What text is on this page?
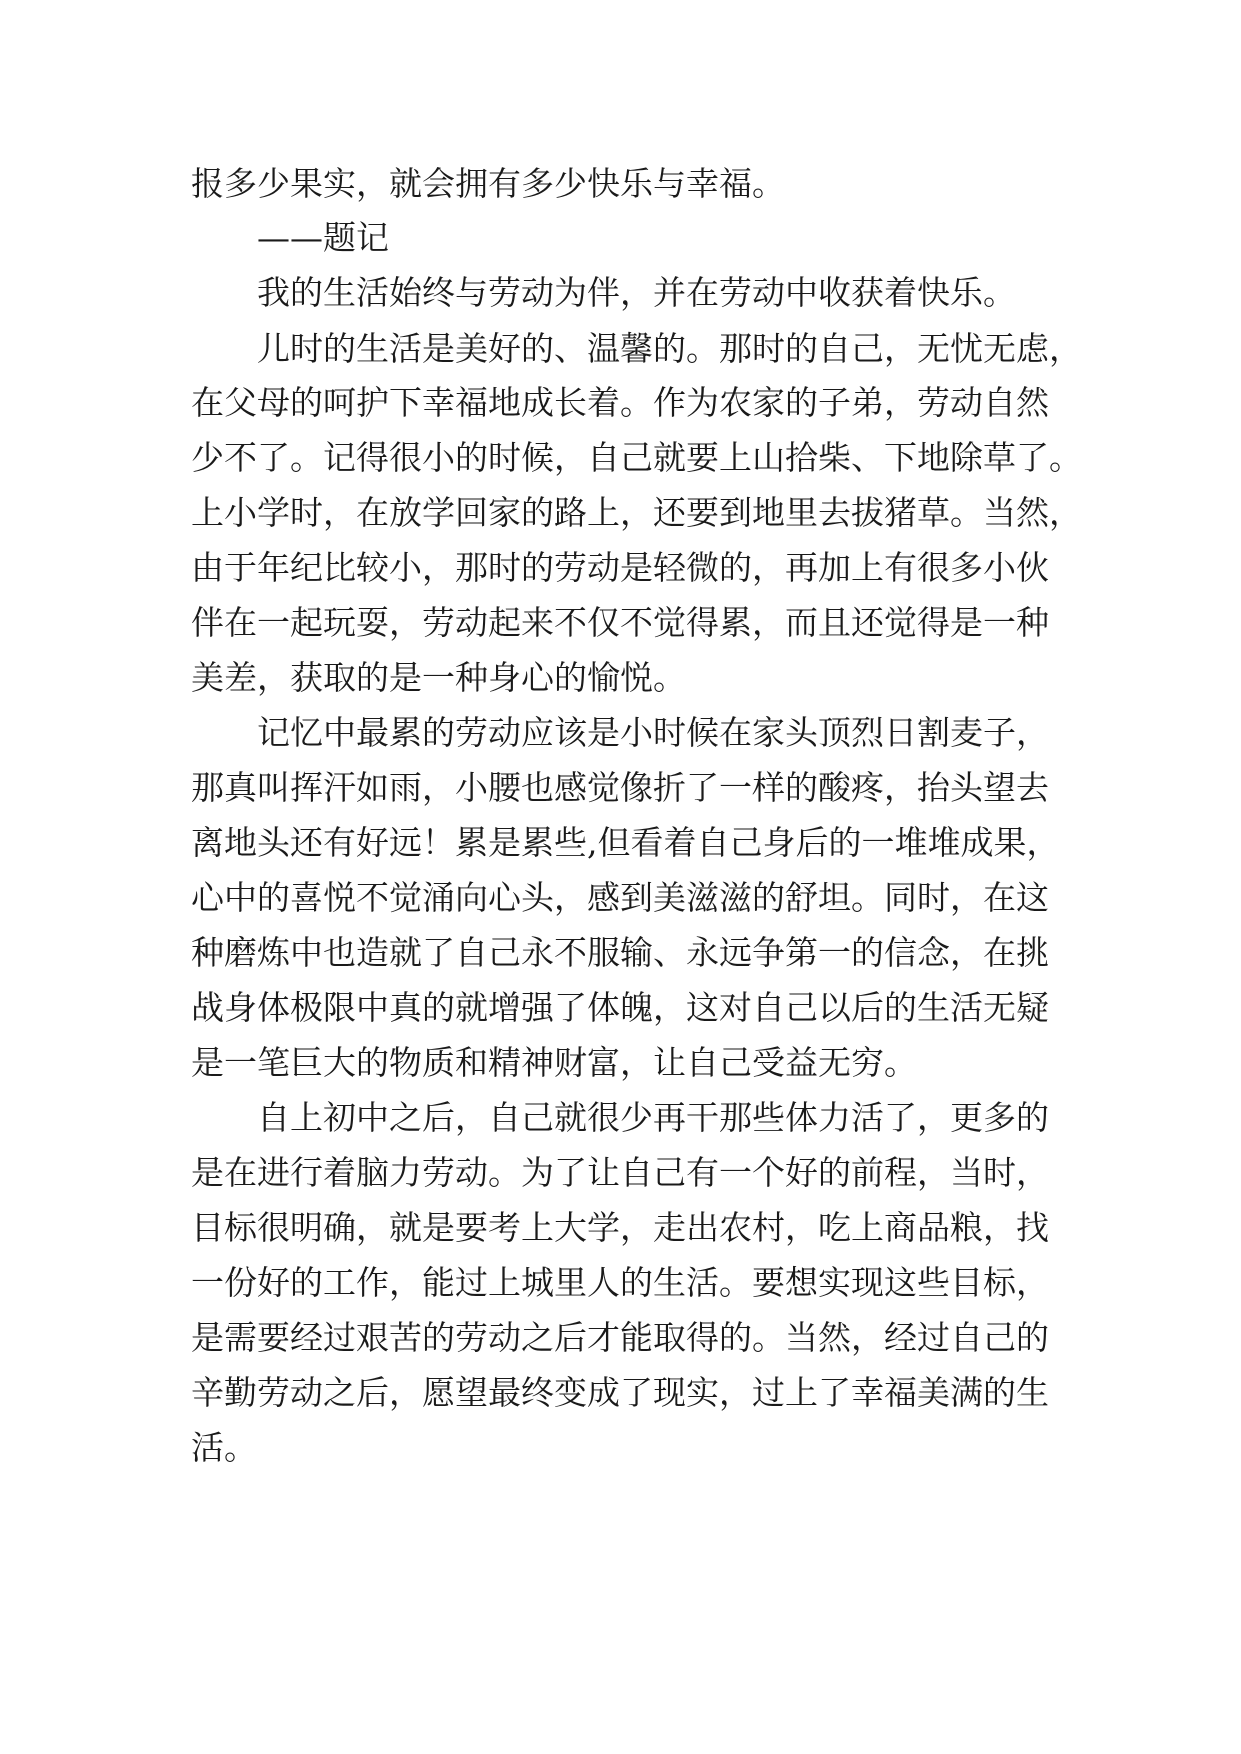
报多少果实，就会拥有多少快乐与幸福。
——题记
我的生活始终与劳动为伴，并在劳动中收获着快乐。
儿时的生活是美好的、温馨的。那时的自己，无忧无虑，
在父母的呵护下幸福地成长着。作为农家的子弟，劳动自然
少不了。记得很小的时候，自己就要上山拾柴、下地除草了。
上小学时，在放学回家的路上，还要到地里去拔猪草。当然，
由于年纪比较小，那时的劳动是轻微的，再加上有很多小伙
伴在一起玩耍，劳动起来不仅不觉得累，而且还觉得是一种
美差，获取的是一种身心的愉悦。
记忆中最累的劳动应该是小时候在家头顶烈日割麦子，
那真叫挥汗如雨，小腰也感觉像折了一样的酸疼，抬头望去
离地头还有好远！累是累些,但看着自己身后的一堆堆成果，
心中的喜悦不觉涌向心头，感到美滋滋的舒坦。同时，在这
种磨炼中也造就了自己永不服输、永远争第一的信念，在挑
战身体极限中真的就增强了体魄，这对自己以后的生活无疑
是一笔巨大的物质和精神财富，让自己受益无穷。
自上初中之后，自己就很少再干那些体力活了，更多的
是在进行着脑力劳动。为了让自己有一个好的前程，当时，
目标很明确，就是要考上大学，走出农村，吃上商品粮，找
一份好的工作，能过上城里人的生活。要想实现这些目标，
是需要经过艰苦的劳动之后才能取得的。当然，经过自己的
辛勤劳动之后，愿望最终变成了现实，过上了幸福美满的生
活。
